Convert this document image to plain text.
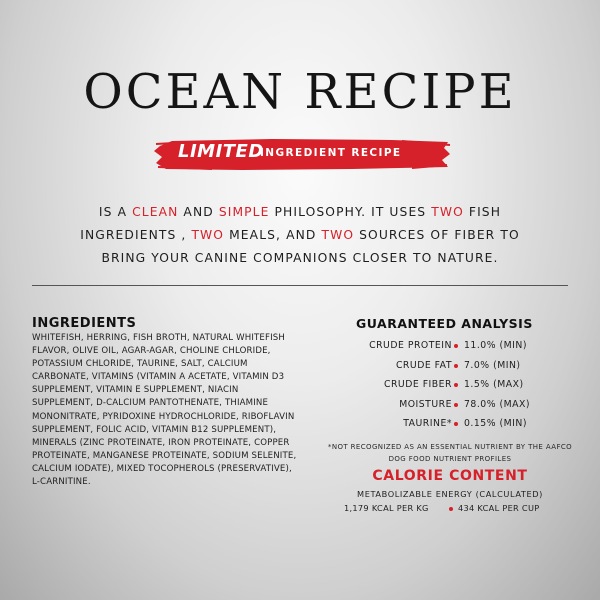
OCEAN RECIPE
LIMITED
INGREDIENT RECIPE
IS A CLEAN AND SIMPLE PHILOSOPHY. IT USES TWO FISH INGREDIENTS , TWO MEALS, AND TWO SOURCES OF FIBER TO BRING YOUR CANINE COMPANIONS CLOSER TO NATURE.
INGREDIENTS
WHITEFISH, HERRING, FISH BROTH, NATURAL WHITEFISH FLAVOR, OLIVE OIL, AGAR-AGAR, CHOLINE CHLORIDE, POTASSIUM CHLORIDE, TAURINE, SALT, CALCIUM CARBONATE, VITAMINS (VITAMIN A ACETATE, VITAMIN D3 SUPPLEMENT, VITAMIN E SUPPLEMENT, NIACIN SUPPLEMENT, D-CALCIUM PANTOTHENATE, THIAMINE MONONITRATE, PYRIDOXINE HYDROCHLORIDE, RIBOFLAVIN SUPPLEMENT, FOLIC ACID, VITAMIN B12 SUPPLEMENT), MINERALS (ZINC PROTEINATE, IRON PROTEINATE, COPPER PROTEINATE, MANGANESE PROTEINATE, SODIUM SELENITE, CALCIUM IODATE), MIXED TOCOPHEROLS (PRESERVATIVE), L-CARNITINE.
GUARANTEED ANALYSIS
CRUDE PROTEIN 11.0% (MIN)
CRUDE FAT 7.0% (MIN)
CRUDE FIBER 1.5% (MAX)
MOISTURE 78.0% (MAX)
TAURINE* 0.15% (MIN)
*NOT RECOGNIZED AS AN ESSENTIAL NUTRIENT BY THE AAFCO DOG FOOD NUTRIENT PROFILES
CALORIE CONTENT
METABOLIZABLE ENERGY (CALCULATED)
1,179 KCAL PER KG	434 KCAL PER CUP
